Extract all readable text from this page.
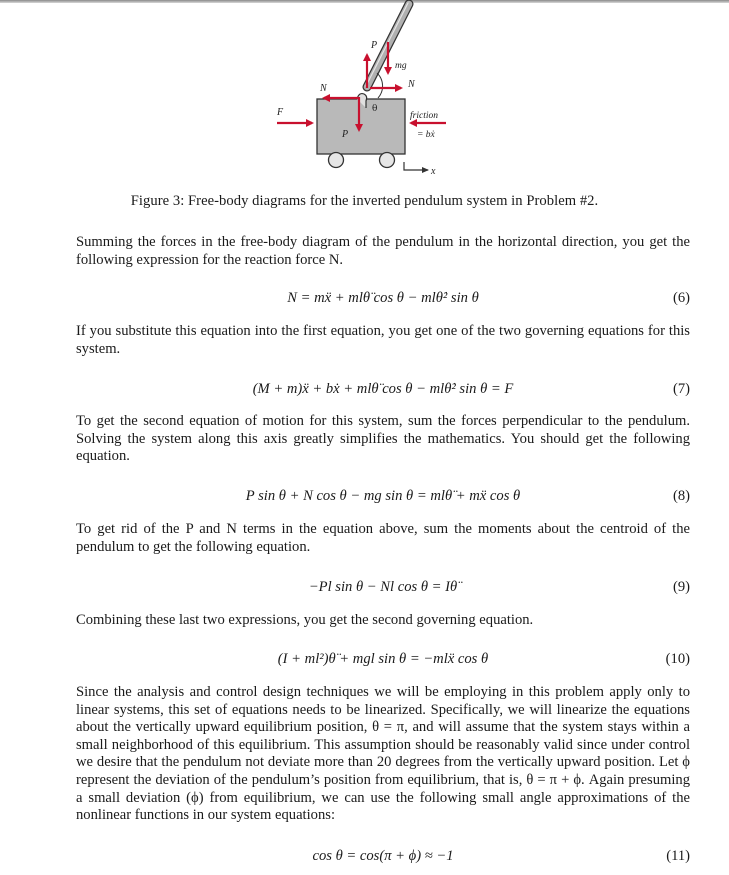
P
mg
N	N
F
P
friction
= bẋ
x
θ
Figure 3: Free-body diagrams for the inverted pendulum system in Problem #2.

Summing the forces in the free-body diagram of the pendulum in the horizontal direction, you get the following expression for the reaction force N.

N = mẍ + mlθ̈ cos θ − mlθ̇² sin θ	(6)

If you substitute this equation into the first equation, you get one of the two governing equations for this system.

(M + m)ẍ + bẋ + mlθ̈ cos θ − mlθ̇² sin θ = F	(7)

To get the second equation of motion for this system, sum the forces perpendicular to the pendulum. Solving the system along this axis greatly simplifies the mathematics. You should get the following equation.

P sin θ + N cos θ − mg sin θ = mlθ̈ + mẍ cos θ	(8)

To get rid of the P and N terms in the equation above, sum the moments about the centroid of the pendulum to get the following equation.

−Pl sin θ − Nl cos θ = Iθ̈	(9)

Combining these last two expressions, you get the second governing equation.

(I + ml²)θ̈ + mgl sin θ = −mlẍ cos θ	(10)

Since the analysis and control design techniques we will be employing in this problem apply only to linear systems, this set of equations needs to be linearized. Specifically, we will linearize the equations about the vertically upward equilibrium position, θ = π, and will assume that the system stays within a small neighborhood of this equilibrium. This assumption should be reasonably valid since under control we desire that the pendulum not deviate more than 20 degrees from the vertically upward position. Let ϕ represent the deviation of the pendulum’s position from equilibrium, that is, θ = π + ϕ. Again presuming a small deviation (ϕ) from equilibrium, we can use the following small angle approximations of the nonlinear functions in our system equations:

cos θ = cos(π + ϕ) ≈ −1	(11)
